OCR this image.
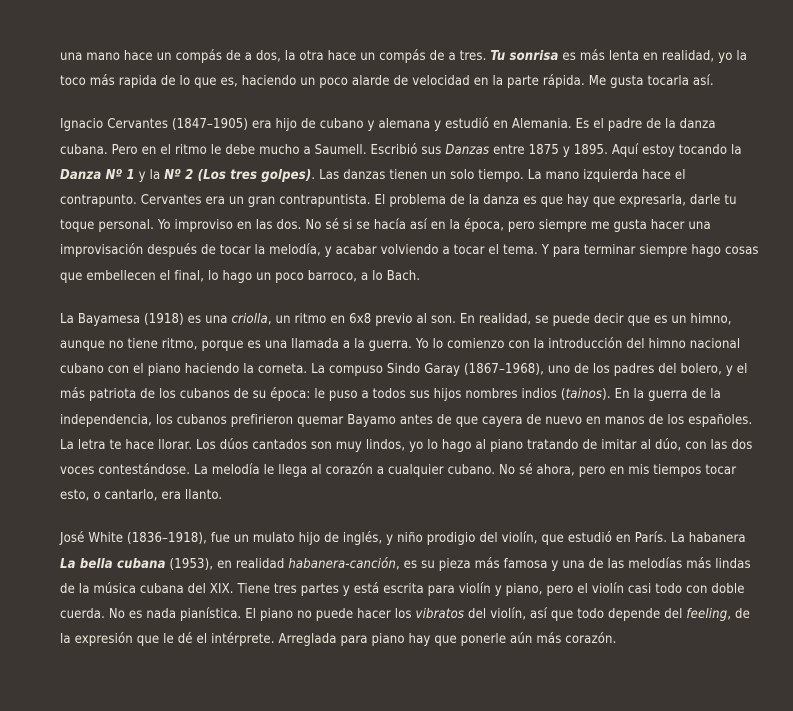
una mano hace un compás de a dos, la otra hace un compás de a tres. Tu sonrisa es más lenta en realidad, yo la toco más rapida de lo que es, haciendo un poco alarde de velocidad en la parte rápida. Me gusta tocarla así.

Ignacio Cervantes (1847–1905) era hijo de cubano y alemana y estudió en Alemania. Es el padre de la danza cubana. Pero en el ritmo le debe mucho a Saumell. Escribió sus Danzas entre 1875 y 1895. Aquí estoy tocando la Danza Nº 1 y la Nº 2 (Los tres golpes). Las danzas tienen un solo tiempo. La mano izquierda hace el contrapunto. Cervantes era un gran contrapuntista. El problema de la danza es que hay que expresarla, darle tu toque personal. Yo improviso en las dos. No sé si se hacía así en la época, pero siempre me gusta hacer una improvisación después de tocar la melodía, y acabar volviendo a tocar el tema. Y para terminar siempre hago cosas que embellecen el final, lo hago un poco barroco, a lo Bach.

La Bayamesa (1918) es una criolla, un ritmo en 6x8 previo al son. En realidad, se puede decir que es un himno, aunque no tiene ritmo, porque es una llamada a la guerra. Yo lo comienzo con la introducción del himno nacional cubano con el piano haciendo la corneta. La compuso Sindo Garay (1867–1968), uno de los padres del bolero, y el más patriota de los cubanos de su época: le puso a todos sus hijos nombres indios (tainos). En la guerra de la independencia, los cubanos prefirieron quemar Bayamo antes de que cayera de nuevo en manos de los españoles. La letra te hace llorar. Los dúos cantados son muy lindos, yo lo hago al piano tratando de imitar al dúo, con las dos voces contestándose. La melodía le llega al corazón a cualquier cubano. No sé ahora, pero en mis tiempos tocar esto, o cantarlo, era llanto.

José White (1836–1918), fue un mulato hijo de inglés, y niño prodigio del violín, que estudió en París. La habanera La bella cubana (1953), en realidad habanera-canción, es su pieza más famosa y una de las melodías más lindas de la música cubana del XIX. Tiene tres partes y está escrita para violín y piano, pero el violín casi todo con doble cuerda. No es nada pianística. El piano no puede hacer los vibratos del violín, así que todo depende del feeling, de la expresión que le dé el intérprete. Arreglada para piano hay que ponerle aún más corazón.
